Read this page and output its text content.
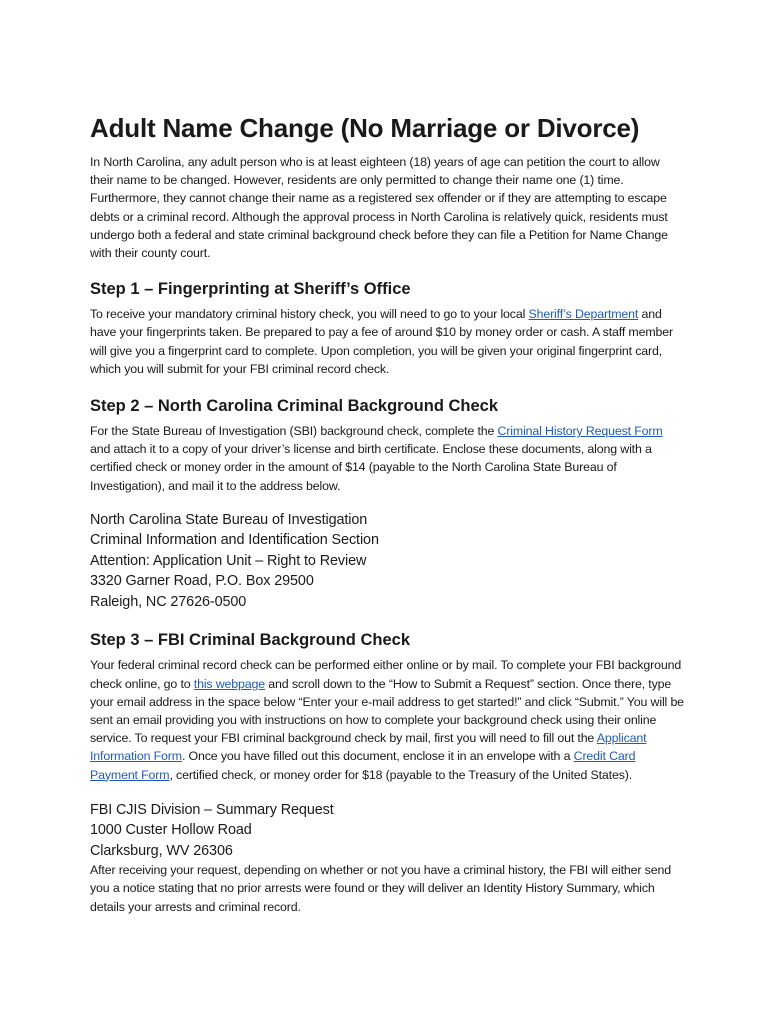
Adult Name Change (No Marriage or Divorce)

In North Carolina, any adult person who is at least eighteen (18) years of age can petition the court to allow their name to be changed. However, residents are only permitted to change their name one (1) time. Furthermore, they cannot change their name as a registered sex offender or if they are attempting to escape debts or a criminal record. Although the approval process in North Carolina is relatively quick, residents must undergo both a federal and state criminal background check before they can file a Petition for Name Change with their county court.

Step 1 – Fingerprinting at Sheriff’s Office

To receive your mandatory criminal history check, you will need to go to your local Sheriff’s Department and have your fingerprints taken. Be prepared to pay a fee of around $10 by money order or cash. A staff member will give you a fingerprint card to complete. Upon completion, you will be given your original fingerprint card, which you will submit for your FBI criminal record check.

Step 2 – North Carolina Criminal Background Check

For the State Bureau of Investigation (SBI) background check, complete the Criminal History Request Form and attach it to a copy of your driver’s license and birth certificate. Enclose these documents, along with a certified check or money order in the amount of $14 (payable to the North Carolina State Bureau of Investigation), and mail it to the address below.

North Carolina State Bureau of Investigation
Criminal Information and Identification Section
Attention: Application Unit – Right to Review
3320 Garner Road, P.O. Box 29500
Raleigh, NC 27626-0500
Step 3 – FBI Criminal Background Check

Your federal criminal record check can be performed either online or by mail. To complete your FBI background check online, go to this webpage and scroll down to the “How to Submit a Request” section. Once there, type your email address in the space below “Enter your e-mail address to get started!” and click “Submit.” You will be sent an email providing you with instructions on how to complete your background check using their online service. To request your FBI criminal background check by mail, first you will need to fill out the Applicant Information Form. Once you have filled out this document, enclose it in an envelope with a Credit Card Payment Form, certified check, or money order for $18 (payable to the Treasury of the United States).

FBI CJIS Division – Summary Request
1000 Custer Hollow Road
Clarksburg, WV 26306

After receiving your request, depending on whether or not you have a criminal history, the FBI will either send you a notice stating that no prior arrests were found or they will deliver an Identity History Summary, which details your arrests and criminal record.
